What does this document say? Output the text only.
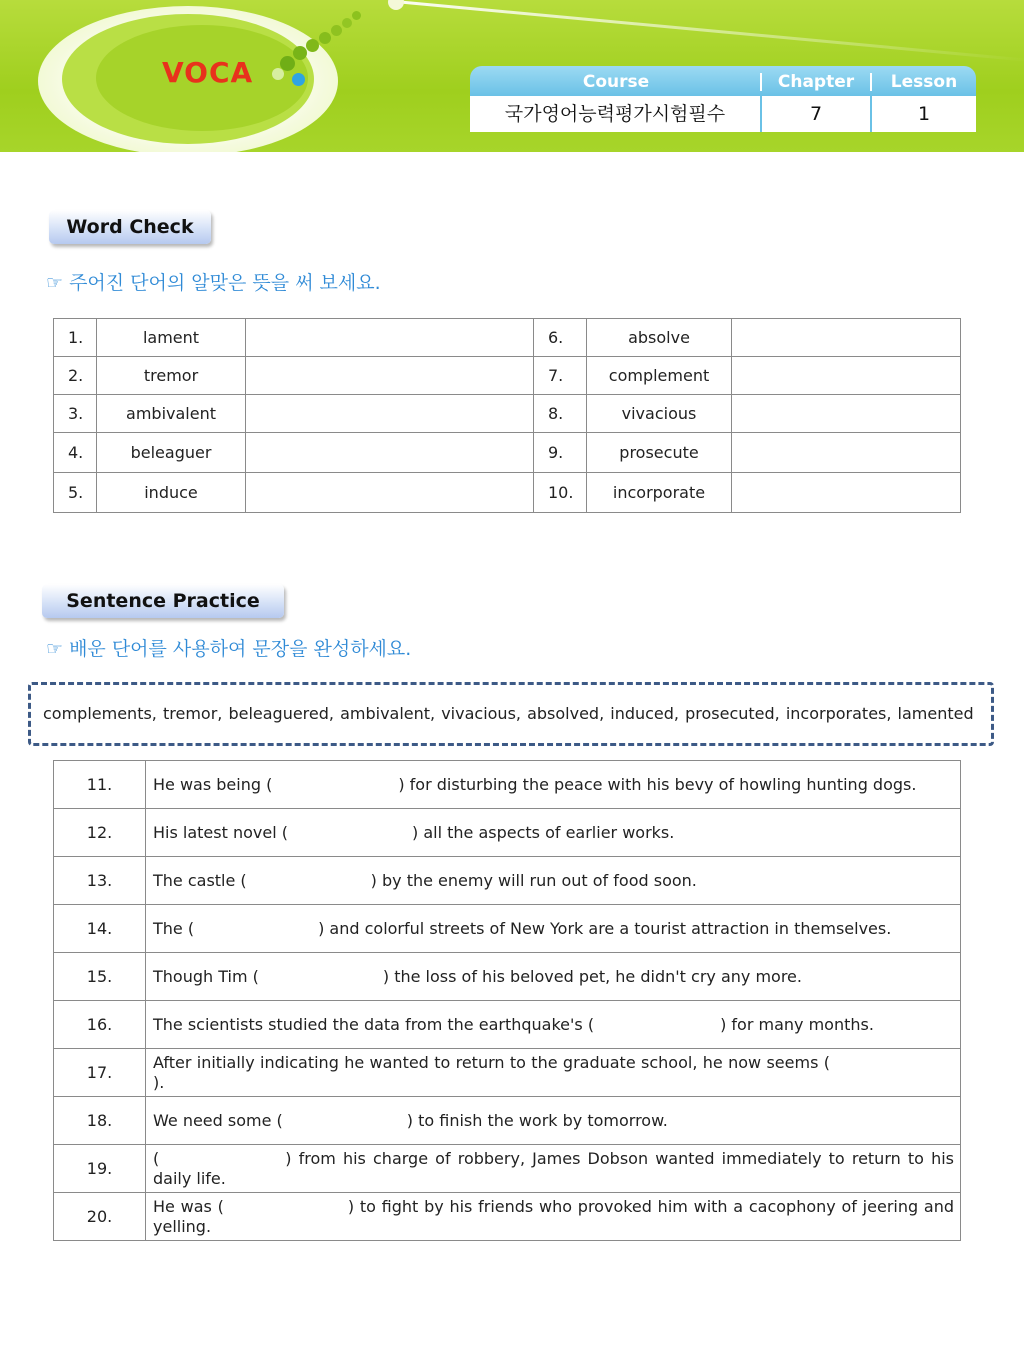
VOCA	Course	Chapter	Lesson
국가영어능력평가시험필수	7	1
Word Check
☞ 주어진 단어의 알맞은 뜻을 써 보세요.
1.	lament		6.	absolve	
2.	tremor		7.	complement	
3.	ambivalent		8.	vivacious	
4.	beleaguer		9.	prosecute	
5.	induce		10.	incorporate	
Sentence Practice
☞ 배운 단어를 사용하여 문장을 완성하세요.
complements, tremor, beleaguered, ambivalent, vivacious, absolved, induced, prosecuted, incorporates, lamented
11.	He was being ( ) for disturbing the peace with his bevy of howling hunting dogs.
12.	His latest novel ( ) all the aspects of earlier works.
13.	The castle ( ) by the enemy will run out of food soon.
14.	The ( ) and colorful streets of New York are a tourist attraction in themselves.
15.	Though Tim ( ) the loss of his beloved pet, he didn't cry any more.
16.	The scientists studied the data from the earthquake's ( ) for many months.
17.	After initially indicating he wanted to return to the graduate school, he now seems ().
18.	We need some ( ) to finish the work by tomorrow.
19.	( ) from his charge of robbery, James Dobson wanted immediately to return to his daily life.
20.	He was ( ) to fight by his friends who provoked him with a cacophony of jeering and yelling.
